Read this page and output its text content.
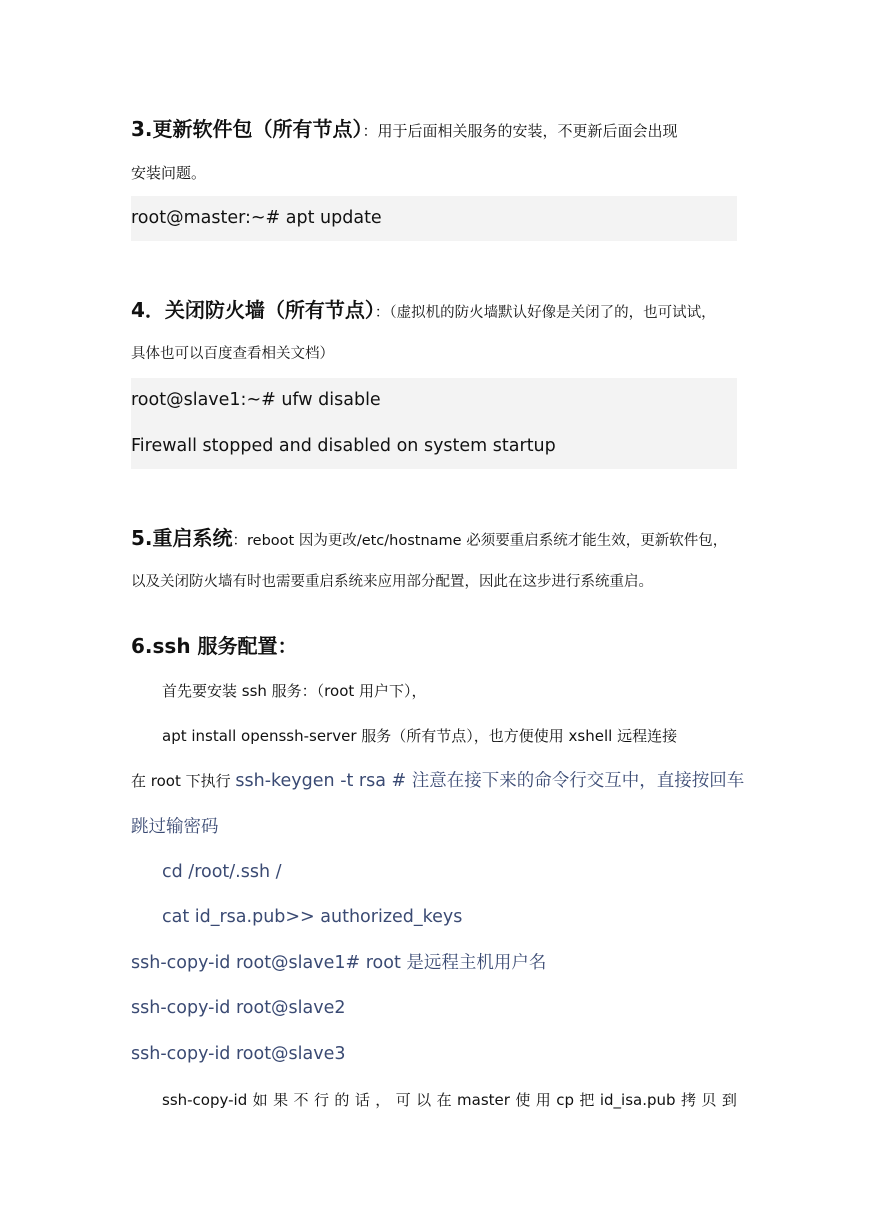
3.更新软件包（所有节点）：用于后面相关服务的安装，不更新后面会出现
安装问题。
root@master:~# apt update
4．关闭防火墙（所有节点）：（虚拟机的防火墙默认好像是关闭了的，也可试试，
具体也可以百度查看相关文档）
root@slave1:~# ufw disable
Firewall stopped and disabled on system startup
5.重启系统：reboot 因为更改/etc/hostname 必须要重启系统才能生效，更新软件包，
以及关闭防火墙有时也需要重启系统来应用部分配置，因此在这步进行系统重启。
6.ssh 服务配置：
首先要安装 ssh 服务：（root 用户下），
apt install openssh-server 服务（所有节点），也方便使用 xshell 远程连接
在 root 下执行 ssh-keygen -t rsa # 注意在接下来的命令行交互中，直接按回车
跳过输密码
cd /root/.ssh /
cat id_rsa.pub>> authorized_keys
ssh-copy-id root@slave1# root 是远程主机用户名
ssh-copy-id root@slave2
ssh-copy-id root@slave3
ssh-copy-id 如 果 不 行 的 话 ， 可 以 在 master 使 用 cp 把 id_isa.pub 拷 贝 到
